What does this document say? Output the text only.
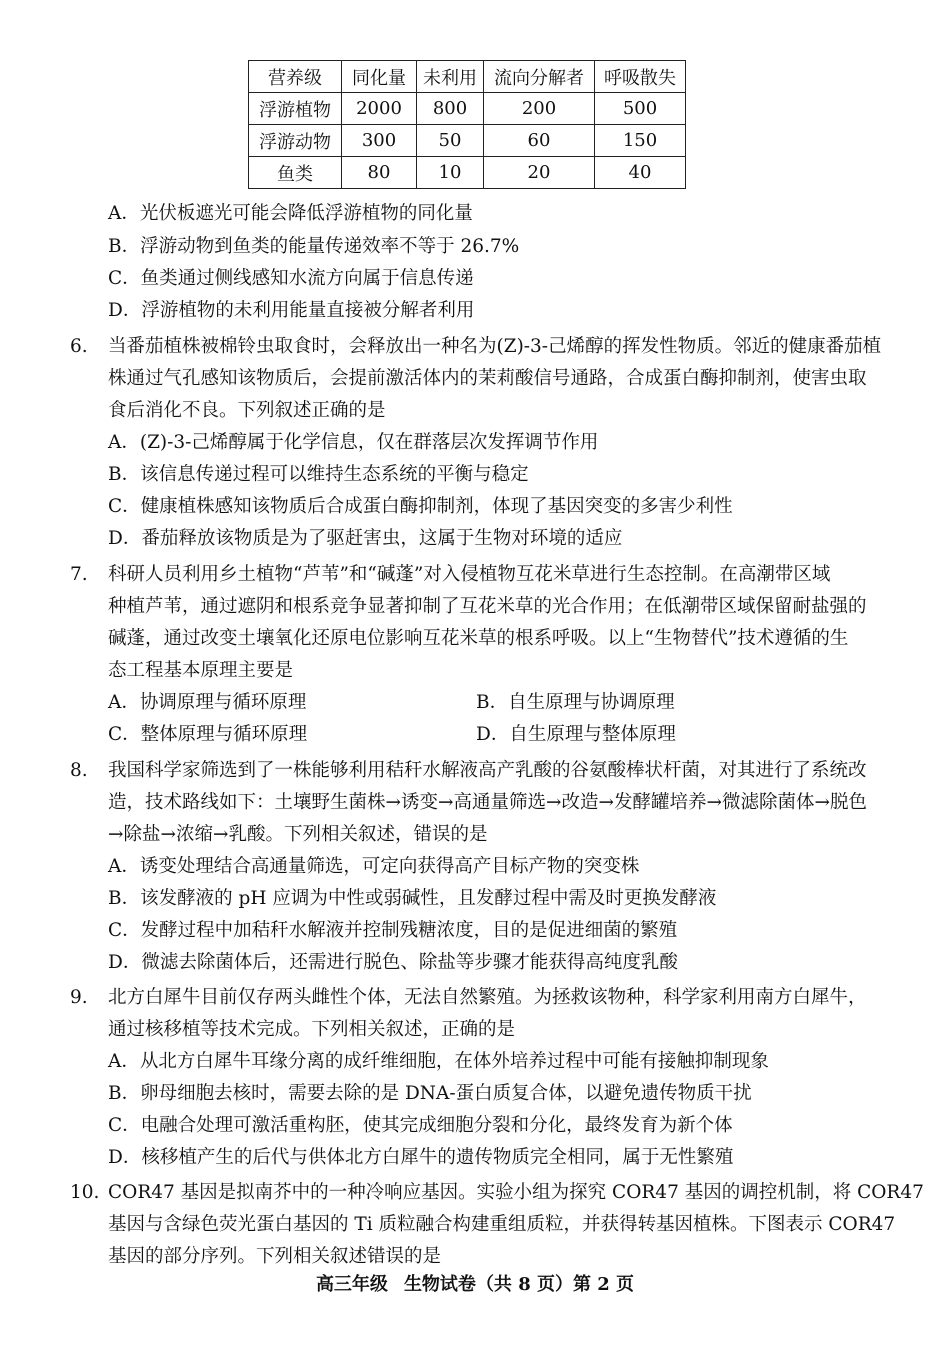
营养级	同化量	未利用	流向分解者	呼吸散失
浮游植物	2000	800	200	500
浮游动物	300	50	60	150
鱼类	80	10	20	40
A．光伏板遮光可能会降低浮游植物的同化量
B．浮游动物到鱼类的能量传递效率不等于 26.7%
C．鱼类通过侧线感知水流方向属于信息传递
D．浮游植物的未利用能量直接被分解者利用
6. 当番茄植株被棉铃虫取食时，会释放出一种名为(Z)-3-己烯醇的挥发性物质。邻近的健康番茄植
株通过气孔感知该物质后，会提前激活体内的茉莉酸信号通路，合成蛋白酶抑制剂，使害虫取
食后消化不良。下列叙述正确的是
A．(Z)-3-己烯醇属于化学信息，仅在群落层次发挥调节作用
B．该信息传递过程可以维持生态系统的平衡与稳定
C．健康植株感知该物质后合成蛋白酶抑制剂，体现了基因突变的多害少利性
D．番茄释放该物质是为了驱赶害虫，这属于生物对环境的适应
7. 科研人员利用乡土植物“芦苇”和“碱蓬”对入侵植物互花米草进行生态控制。在高潮带区域
种植芦苇，通过遮阴和根系竞争显著抑制了互花米草的光合作用；在低潮带区域保留耐盐强的
碱蓬，通过改变土壤氧化还原电位影响互花米草的根系呼吸。以上“生物替代”技术遵循的生
态工程基本原理主要是
A．协调原理与循环原理	B．自生原理与协调原理
C．整体原理与循环原理	D．自生原理与整体原理
8. 我国科学家筛选到了一株能够利用秸秆水解液高产乳酸的谷氨酸棒状杆菌，对其进行了系统改
造，技术路线如下：土壤野生菌株→诱变→高通量筛选→改造→发酵罐培养→微滤除菌体→脱色
→除盐→浓缩→乳酸。下列相关叙述，错误的是
A．诱变处理结合高通量筛选，可定向获得高产目标产物的突变株
B．该发酵液的 pH 应调为中性或弱碱性，且发酵过程中需及时更换发酵液
C．发酵过程中加秸秆水解液并控制残糖浓度，目的是促进细菌的繁殖
D．微滤去除菌体后，还需进行脱色、除盐等步骤才能获得高纯度乳酸
9. 北方白犀牛目前仅存两头雌性个体，无法自然繁殖。为拯救该物种，科学家利用南方白犀牛，
通过核移植等技术完成。下列相关叙述，正确的是
A．从北方白犀牛耳缘分离的成纤维细胞，在体外培养过程中可能有接触抑制现象
B．卵母细胞去核时，需要去除的是 DNA-蛋白质复合体，以避免遗传物质干扰
C．电融合处理可激活重构胚，使其完成细胞分裂和分化，最终发育为新个体
D．核移植产生的后代与供体北方白犀牛的遗传物质完全相同，属于无性繁殖
10. COR47 基因是拟南芥中的一种冷响应基因。实验小组为探究 COR47 基因的调控机制，将 COR47
基因与含绿色荧光蛋白基因的 Ti 质粒融合构建重组质粒，并获得转基因植株。下图表示 COR47
基因的部分序列。下列相关叙述错误的是
高三年级 生物试卷（共 8 页）第 2 页
